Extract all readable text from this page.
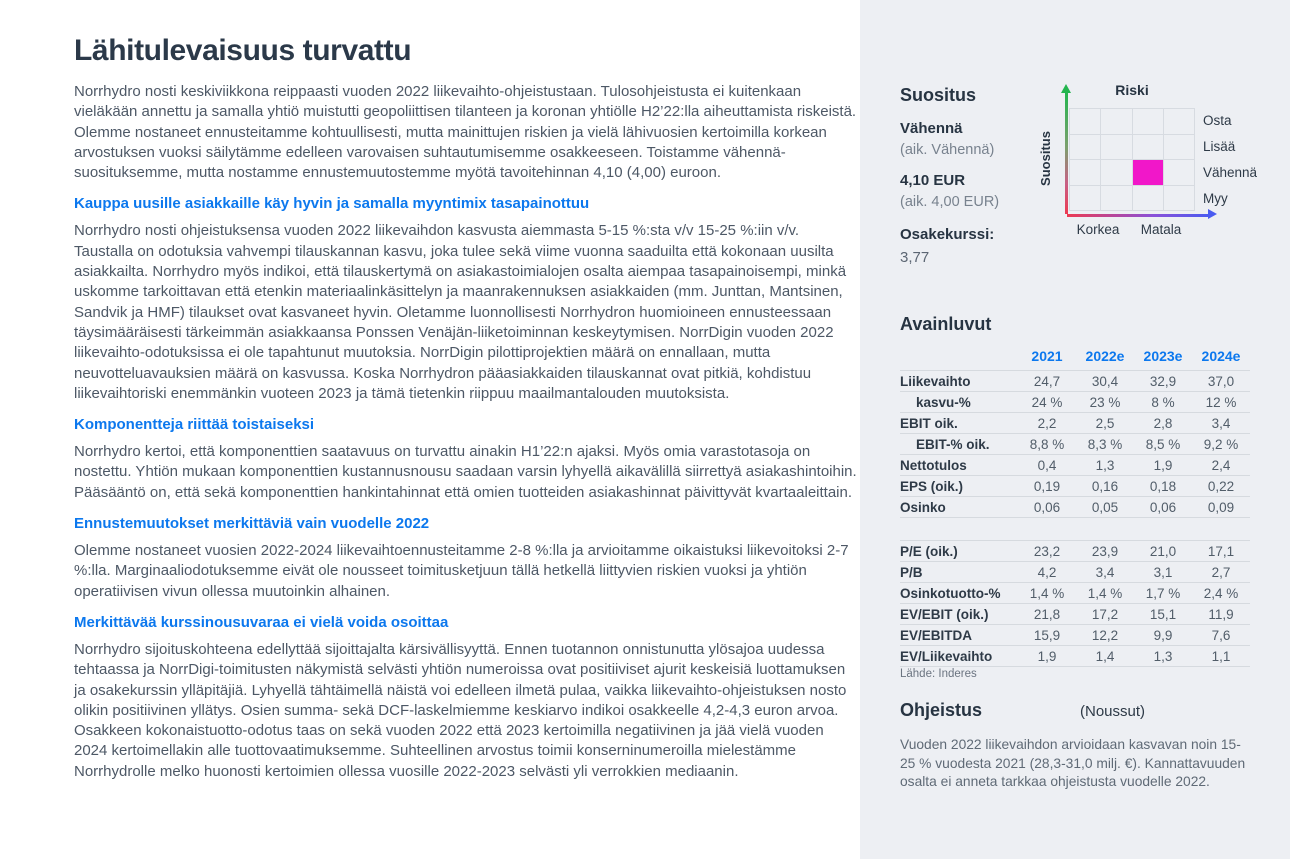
Lähitulevaisuus turvattu

Norrhydro nosti keskiviikkona reippaasti vuoden 2022 liikevaihto-ohjeistustaan. Tulosohjeistusta ei kuitenkaan vieläkään annettu ja samalla yhtiö muistutti geopoliittisen tilanteen ja koronan yhtiölle H2’22:lla aiheuttamista riskeistä. Olemme nostaneet ennusteitamme kohtuullisesti, mutta mainittujen riskien ja vielä lähivuosien kertoimilla korkean arvostuksen vuoksi säilytämme edelleen varovaisen suhtautumisemme osakkeeseen. Toistamme vähennä-suosituksemme, mutta nostamme ennustemuutostemme myötä tavoitehinnan 4,10 (4,00) euroon.

Kauppa uusille asiakkaille käy hyvin ja samalla myyntimix tasapainottuu

Norrhydro nosti ohjeistuksensa vuoden 2022 liikevaihdon kasvusta aiemmasta 5-15 %:sta v/v 15-25 %:iin v/v. Taustalla on odotuksia vahvempi tilauskannan kasvu, joka tulee sekä viime vuonna saaduilta että kokonaan uusilta asiakkailta. Norrhydro myös indikoi, että tilauskertymä on asiakastoimialojen osalta aiempaa tasapainoisempi, minkä uskomme tarkoittavan että etenkin materiaalinkäsittelyn ja maanrakennuksen asiakkaiden (mm. Junttan, Mantsinen, Sandvik ja HMF) tilaukset ovat kasvaneet hyvin. Oletamme luonnollisesti Norrhydron huomioineen ennusteessaan täysimääräisesti tärkeimmän asiakkaansa Ponssen Venäjän-liiketoiminnan keskeytymisen. NorrDigin vuoden 2022 liikevaihto-odotuksissa ei ole tapahtunut muutoksia. NorrDigin pilottiprojektien määrä on ennallaan, mutta neuvotteluavauksien määrä on kasvussa. Koska Norrhydron pääasiakkaiden tilauskannat ovat pitkiä, kohdistuu liikevaihtoriski enemmänkin vuoteen 2023 ja tämä tietenkin riippuu maailmantalouden muutoksista.

Komponentteja riittää toistaiseksi

Norrhydro kertoi, että komponenttien saatavuus on turvattu ainakin H1’22:n ajaksi. Myös omia varastotasoja on nostettu. Yhtiön mukaan komponenttien kustannusnousu saadaan varsin lyhyellä aikavälillä siirrettyä asiakashintoihin. Pääsääntö on, että sekä komponenttien hankintahinnat että omien tuotteiden asiakashinnat päivittyvät kvartaaleittain.

Ennustemuutokset merkittäviä vain vuodelle 2022

Olemme nostaneet vuosien 2022-2024 liikevaihtoennusteitamme 2-8 %:lla ja arvioitamme oikaistuksi liikevoitoksi 2-7 %:lla. Marginaaliodotuksemme eivät ole nousseet toimitusketjuun tällä hetkellä liittyvien riskien vuoksi ja yhtiön operatiivisen vivun ollessa muutoinkin alhainen.

Merkittävää kurssinousuvaraa ei vielä voida osoittaa

Norrhydro sijoituskohteena edellyttää sijoittajalta kärsivällisyyttä. Ennen tuotannon onnistunutta ylösajoa uudessa tehtaassa ja NorrDigi-toimitusten näkymistä selvästi yhtiön numeroissa ovat positiiviset ajurit keskeisiä luottamuksen ja osakekurssin ylläpitäjiä. Lyhyellä tähtäimellä näistä voi edelleen ilmetä pulaa, vaikka liikevaihto-ohjeistuksen nosto olikin positiivinen yllätys. Osien summa- sekä DCF-laskelmiemme keskiarvo indikoi osakkeelle 4,2-4,3 euron arvoa. Osakkeen kokonaistuotto-odotus taas on sekä vuoden 2022 että 2023 kertoimilla negatiivinen ja jää vielä vuoden 2024 kertoimellakin alle tuottovaatimuksemme. Suhteellinen arvostus toimii konserninumeroilla mielestämme Norrhydrolle melko huonosti kertoimien ollessa vuosille 2022-2023 selvästi yli verrokkien mediaanin.

Suositus
Vähennä
(aik. Vähennä)
4,10 EUR
(aik. 4,00 EUR)
Osakekurssi:
3,77
Riski
Suositus
Osta
Lisää
Vähennä
Myy
Korkea	Matala
Avainluvut
	2021	2022e	2023e	2024e
Liikevaihto	24,7	30,4	32,9	37,0
kasvu-%	24 %	23 %	8 %	12 %
EBIT oik.	2,2	2,5	2,8	3,4
EBIT-% oik.	8,8 %	8,3 %	8,5 %	9,2 %
Nettotulos	0,4	1,3	1,9	2,4
EPS (oik.)	0,19	0,16	0,18	0,22
Osinko	0,06	0,05	0,06	0,09
P/E (oik.)	23,2	23,9	21,0	17,1
P/B	4,2	3,4	3,1	2,7
Osinkotuotto-%	1,4 %	1,4 %	1,7 %	2,4 %
EV/EBIT (oik.)	21,8	17,2	15,1	11,9
EV/EBITDA	15,9	12,2	9,9	7,6
EV/Liikevaihto	1,9	1,4	1,3	1,1
Lähde: Inderes
Ohjeistus	(Noussut)
Vuoden 2022 liikevaihdon arvioidaan kasvavan noin 15-25 % vuodesta 2021 (28,3-31,0 milj. €). Kannattavuuden osalta ei anneta tarkkaa ohjeistusta vuodelle 2022.
